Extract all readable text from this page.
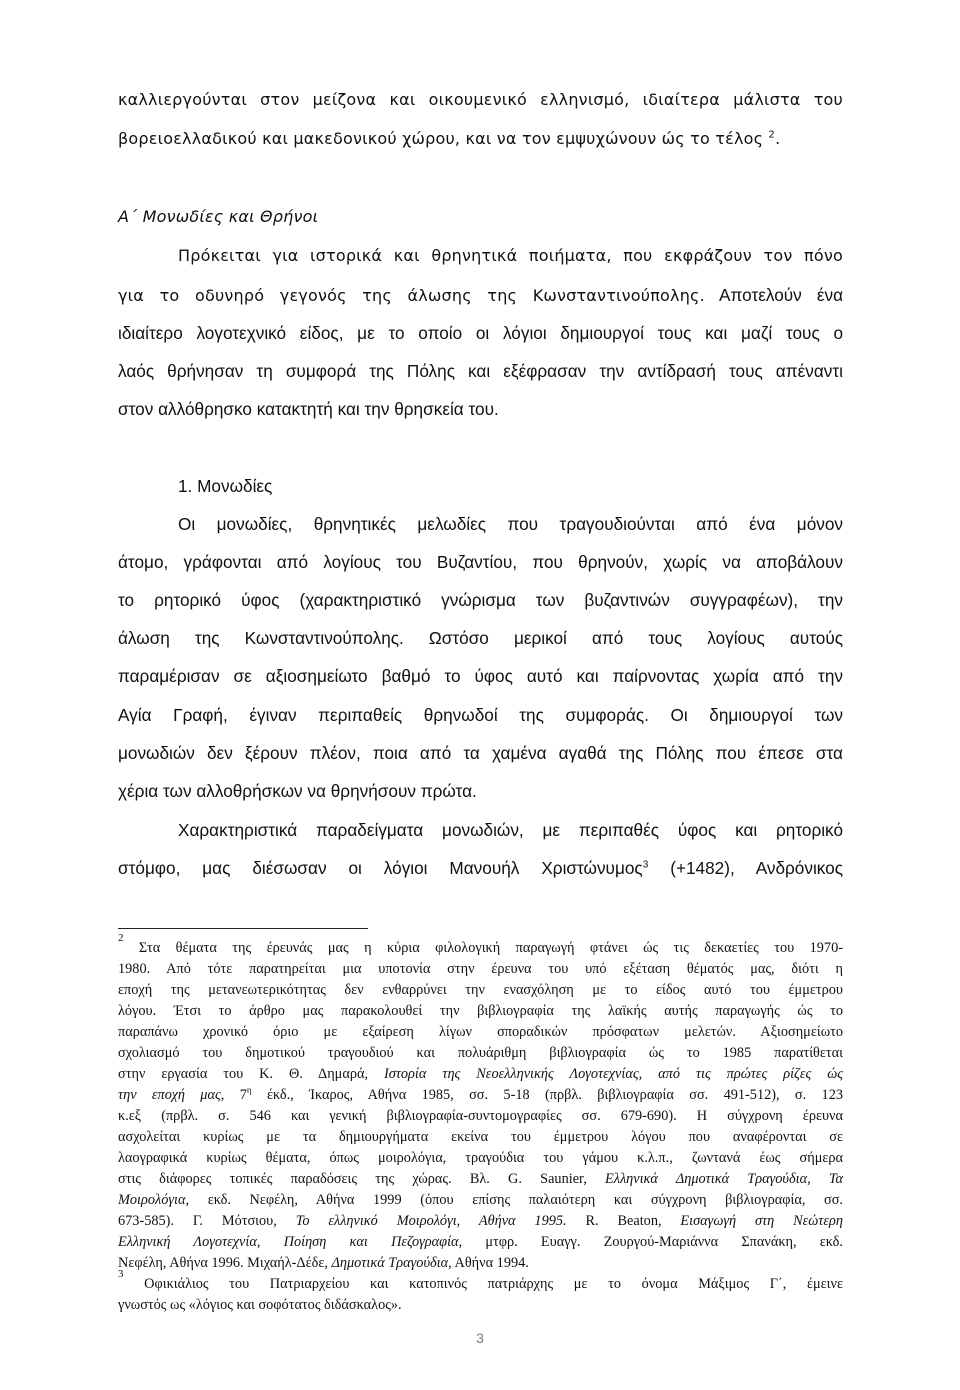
καλλιεργούνται στον μείζονα και οικουμενικό ελληνισμό, ιδιαίτερα μάλιστα του
βορειοελλαδικού και μακεδονικού χώρου, και να τον εμψυχώνουν ώς το τέλος $^2$.
Α΄ Μονωδίες και Θρήνοι
Πρόκειται για ιστορικά και θρηνητικά ποιήματα, που εκφράζουν τον πόνο
για το οδυνηρό γεγονός της άλωσης της Κωνσταντινούπολης. Αποτελούν ένα
ιδιαίτερο λογοτεχνικό είδος, με το οποίο οι λόγιοι δημιουργοί τους και μαζί τους ο
λαός θρήνησαν τη συμφορά της Πόλης και εξέφρασαν την αντίδρασή τους απέναντι
στον αλλόθρησκο κατακτητή και την θρησκεία του.
1. Μονωδίες
Οι μονωδίες, θρηνητικές μελωδίες που τραγουδιούνται από ένα μόνον
άτομο, γράφονται από λογίους του Βυζαντίου, που θρηνούν, χωρίς να αποβάλουν
το ρητορικό ύφος (χαρακτηριστικό γνώρισμα των βυζαντινών συγγραφέων), την
άλωση της Κωνσταντινούπολης. Ωστόσο μερικοί από τους λογίους αυτούς
παραμέρισαν σε αξιοσημείωτο βαθμό το ύφος αυτό και παίρνοντας χωρία από την
Αγία Γραφή, έγιναν περιπαθείς θρηνωδοί της συμφοράς. Οι δημιουργοί των
μονωδιών δεν ξέρουν πλέον, ποια από τα χαμένα αγαθά της Πόλης που έπεσε στα
χέρια των αλλοθρήσκων να θρηνήσουν πρώτα.
Χαρακτηριστικά παραδείγματα μονωδιών, με περιπαθές ύφος και ρητορικό
στόμφο, μας διέσωσαν οι λόγιοι Μανουήλ Χριστώνυμος$^3$ (+1482), Ανδρόνικος
$^2$ Στα θέματα της έρευνάς μας η κύρια φιλολογική παραγωγή φτάνει ώς τις δεκαετίες του 1970-
1980. Από τότε παρατηρείται μια υποτονία στην έρευνα του υπό εξέταση θέματός μας, διότι η
εποχή της μετανεωτερικότητας δεν ενθαρρύνει την ενασχόληση με το είδος αυτό του έμμετρου
λόγου. Έτσι το άρθρο μας παρακολουθεί την βιβλιογραφία της λαϊκής αυτής παραγωγής ώς το
παραπάνω χρονικό όριο με εξαίρεση λίγων σποραδικών πρόσφατων μελετών. Αξιοσημείωτο
σχολιασμό του δημοτικού τραγουδιού και πολυάριθμη βιβλιογραφία ώς το 1985 παρατίθεται
στην εργασία του Κ. Θ. Δημαρά, Ιστορία της Νεοελληνικής Λογοτεχνίας, από τις πρώτες ρίζες ώς
την εποχή μας, $7^\eta$ έκδ., Ίκαρος, Αθήνα 1985, σσ. 5-18 (πρβλ. βιβλιογραφία σσ. 491-512), σ. 123
κ.εξ (πρβλ. σ. 546 και γενική βιβλιογραφία-συντομογραφίες σσ. 679-690). Η σύγχρονη έρευνα
ασχολείται κυρίως με τα δημιουργήματα εκείνα του έμμετρου λόγου που αναφέρονται σε
λαογραφικά κυρίως θέματα, όπως μοιρολόγια, τραγούδια του γάμου κ.λ.π., ζωντανά έως σήμερα
στις διάφορες τοπικές παραδόσεις της χώρας. Βλ. G. Saunier, Ελληνικά Δημοτικά Τραγούδια, Τα
Μοιρολόγια, εκδ. Νεφέλη, Αθήνα 1999 (όπου επίσης παλαιότερη και σύγχρονη βιβλιογραφία, σσ.
673-585). Γ. Μότσιου, Το ελληνικό Μοιρολόγι, Αθήνα 1995. R. Beaton, Εισαγωγή στη Νεώτερη
Ελληνική Λογοτεχνία, Ποίηση και Πεζογραφία, μτφρ. Ευαγγ. Ζουργού-Μαριάννα Σπανάκη, εκδ.
Νεφέλη, Αθήνα 1996. Μιχαήλ-Δέδε, Δημοτικά Τραγούδια, Αθήνα 1994.
$^3$ Οφικιάλιος του Πατριαρχείου και κατοπινός πατριάρχης με το όνομα Μάξιμος Γ΄, έμεινε
γνωστός ως «λόγιος και σοφότατος διδάσκαλος».
3
